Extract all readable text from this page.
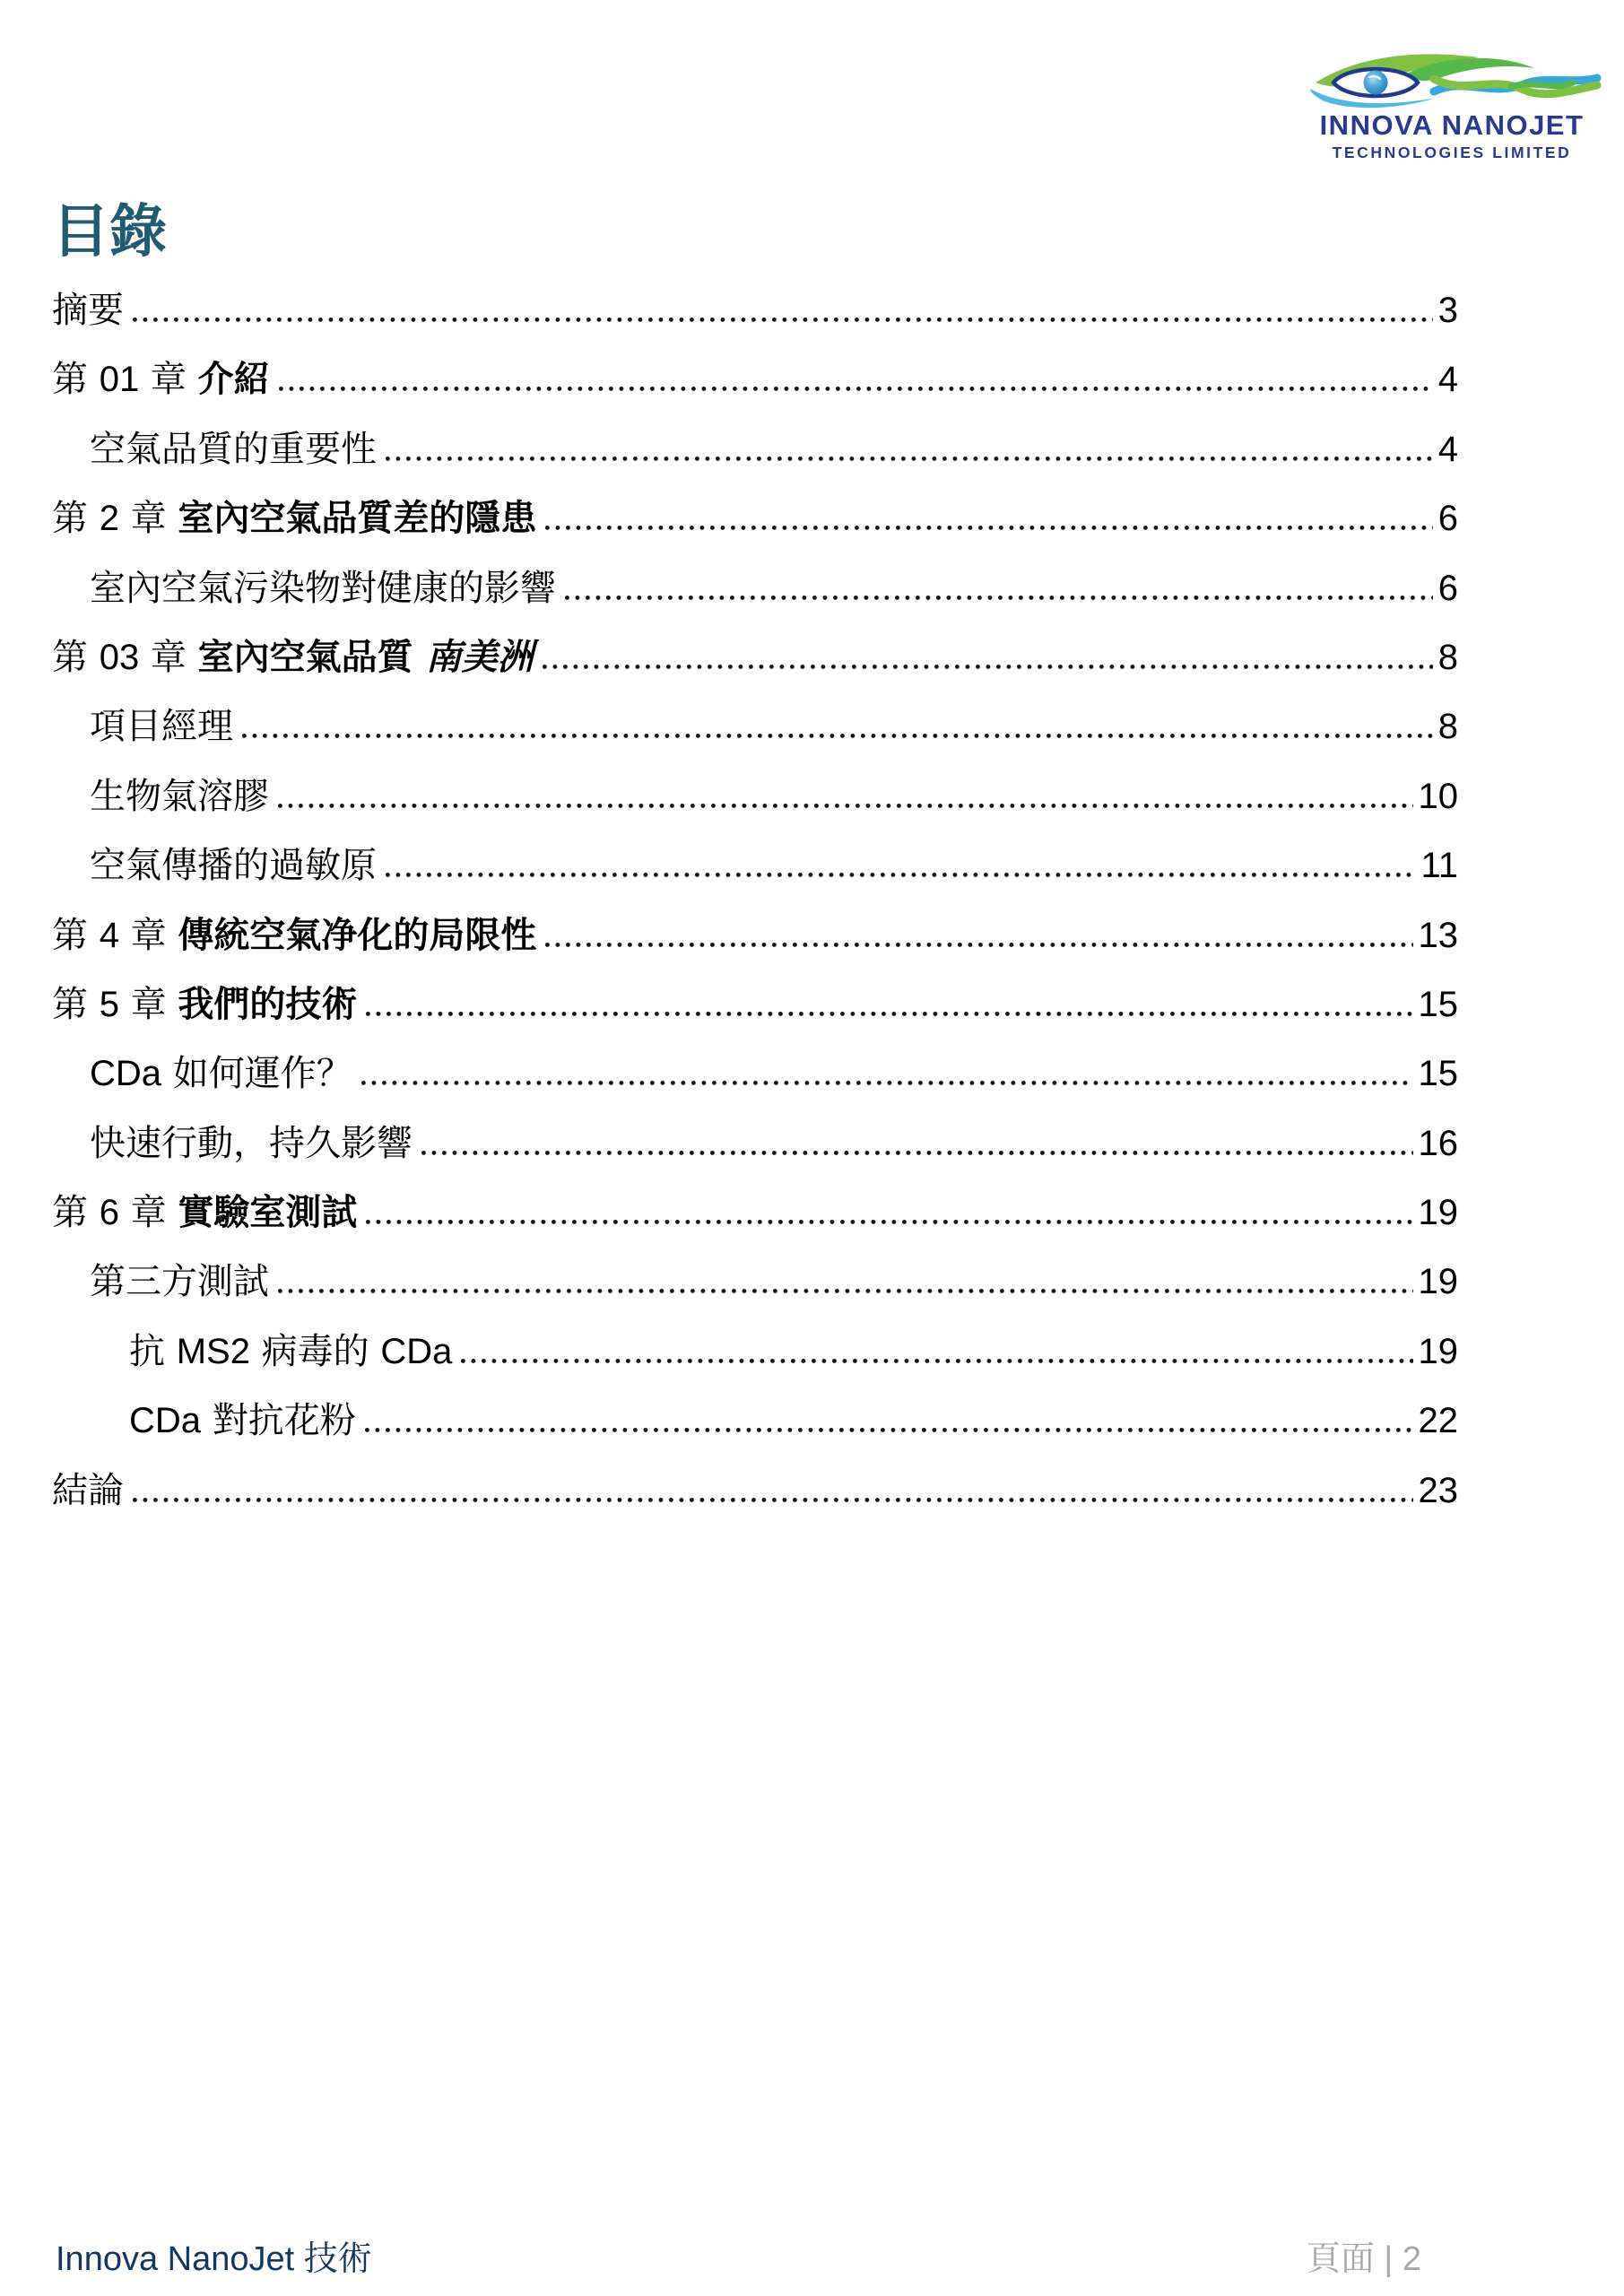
INNOVA NANOJET
TECHNOLOGIES LIMITED
目錄
摘要	3
第 01 章 介紹	4
空氣品質的重要性	4
第 2 章 室內空氣品質差的隱患	6
室內空氣污染物對健康的影響	6
第 03 章 室內空氣品質 南美洲	8
項目經理	8
生物氣溶膠	10
空氣傳播的過敏原	11
第 4 章 傳統空氣净化的局限性	13
第 5 章 我們的技術	15
CDa 如何運作？	15
快速行動，持久影響	16
第 6 章 實驗室測試	19
第三方測試	19
抗 MS2 病毒的 CDa	19
CDa 對抗花粉	22
結論	23
Innova NanoJet 技術	頁面 | 2
